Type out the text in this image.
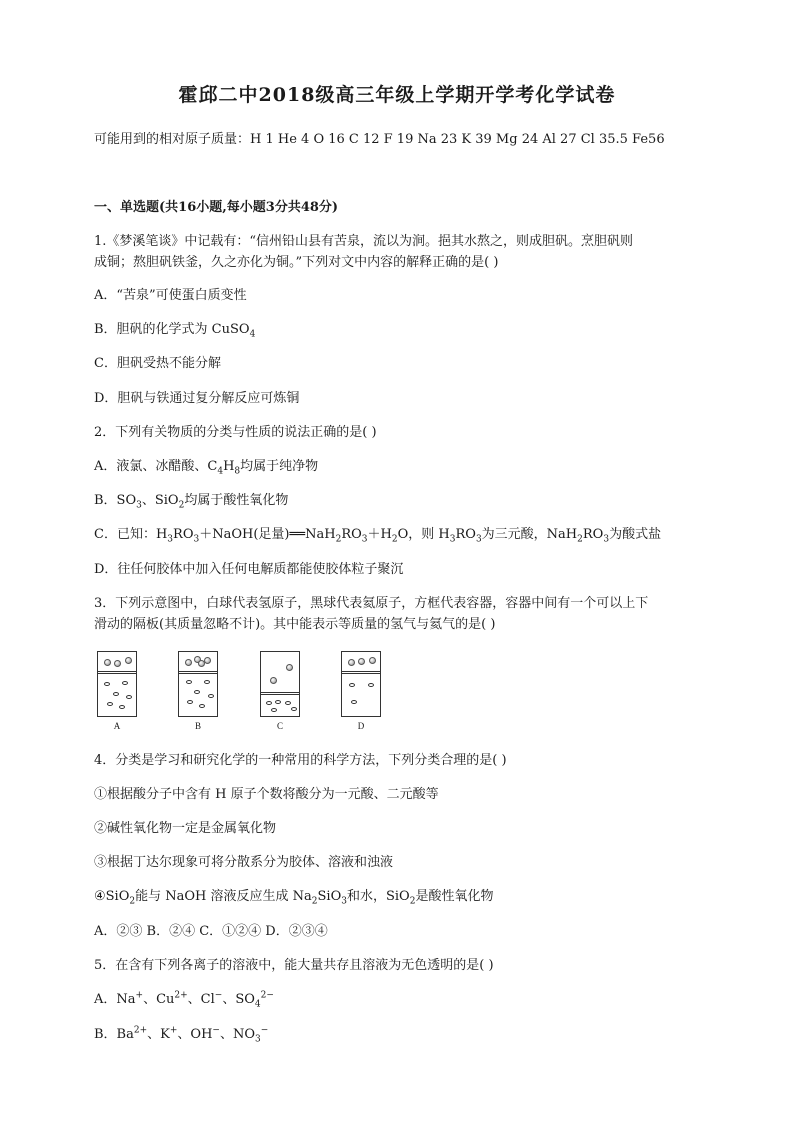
霍邱二中2018级高三年级上学期开学考化学试卷
可能用到的相对原子质量：H 1 He 4 O 16 C 12 F 19 Na 23 K 39 Mg 24 Al 27 Cl 35.5 Fe56
一、单选题(共16小题,每小题3分共48分)
1.《梦溪笔谈》中记载有：“信州铅山县有苦泉，流以为涧。挹其水熬之，则成胆矾。烹胆矾则
成铜；熬胆矾铁釜，久之亦化为铜。”下列对文中内容的解释正确的是( )
A．“苦泉”可使蛋白质变性
B．胆矾的化学式为 CuSO$_4$
C．胆矾受热不能分解
D．胆矾与铁通过复分解反应可炼铜
2．下列有关物质的分类与性质的说法正确的是( )
A．液氯、冰醋酸、$C_4H_8$均属于纯净物
B．$SO_3$、SiO$_2$均属于酸性氧化物
C．已知：$H_3RO_3+NaOH$(足量)$══NaH_2RO_3+H_2O$，则 $H_3RO_3$为三元酸，$NaH_2RO_3$为酸式盐
D．往任何胶体中加入任何电解质都能使胶体粒子聚沉
3．下列示意图中，白球代表氢原子，黑球代表氦原子，方框代表容器，容器中间有一个可以上下
滑动的隔板(其质量忽略不计)。其中能表示等质量的氢气与氦气的是( )
A	B	C	D
4．分类是学习和研究化学的一种常用的科学方法，下列分类合理的是( )
①根据酸分子中含有 H 原子个数将酸分为一元酸、二元酸等
②碱性氧化物一定是金属氧化物
③根据丁达尔现象可将分散系分为胶体、溶液和浊液
④SiO$_2$能与 NaOH 溶液反应生成 $Na_2SiO_3$和水，SiO$_2$是酸性氧化物
A．②③ B．②④ C．①②④ D．②③④
5．在含有下列各离子的溶液中，能大量共存且溶液为无色透明的是( )
A．Na+、$Cu^{2+}$、Cl−、$SO_4^{2-}$
B．$Ba^{2+}$、K+、OH−、$NO_3^-$
